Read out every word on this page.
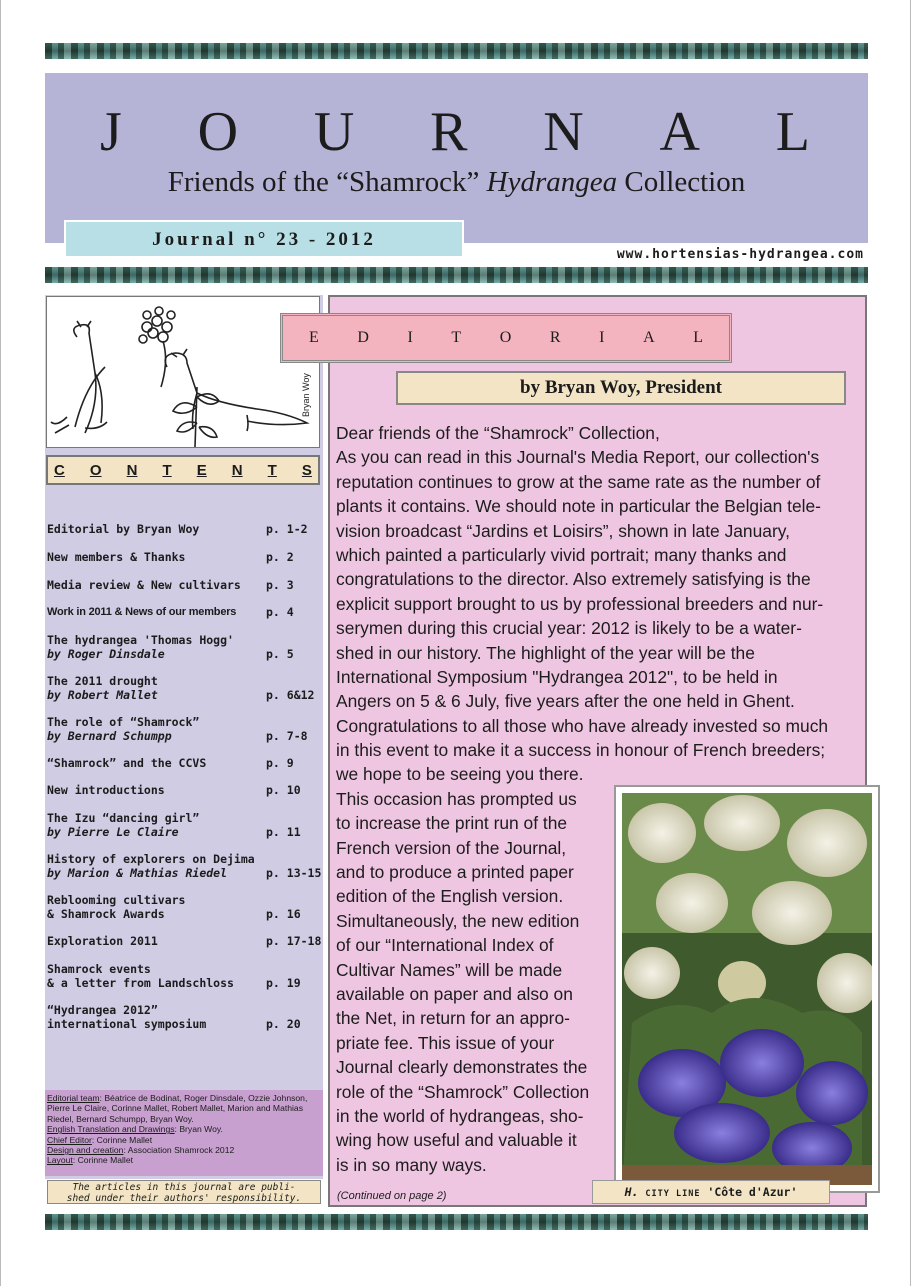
J O U R N A L
Friends of the “Shamrock” Hydrangea Collection
Journal n° 23 - 2012
www.hortensias-hydrangea.com
Bryan Woy
C O N T E N T S
Editorial by Bryan Woy	p. 1-2
New members & Thanks	p. 2
Media review & New cultivars	p. 3
Work in 2011 & News of our members	p. 4
The hydrangea 'Thomas Hogg'
by Roger Dinsdale	p. 5
The 2011 drought
by Robert Mallet	p. 6&12
The role of “Shamrock”
by Bernard Schumpp	p. 7-8
“Shamrock” and the CCVS	p. 9
New introductions	p. 10
The Izu “dancing girl”
by Pierre Le Claire	p. 11
History of explorers on Dejima
by Marion & Mathias Riedel	p. 13-15
Reblooming cultivars
& Shamrock Awards	p. 16
Exploration 2011	p. 17-18
Shamrock events
& a letter from Landschloss	p. 19
“Hydrangea 2012”
international symposium	p. 20
Editorial team: Béatrice de Bodinat, Roger Dinsdale, Ozzie Johnson, Pierre Le Claire, Corinne Mallet, Robert Mallet, Marion and Mathias Riedel, Bernard Schumpp, Bryan Woy.
English Translation and Drawings: Bryan Woy.
Chief Editor: Corinne Mallet
Design and creation: Association Shamrock 2012
Layout: Corinne Mallet
The articles in this journal are publi-
shed under their authors' responsibility.
E D I T O R I A L
by Bryan Woy, President
Dear friends of the “Shamrock” Collection,
As you can read in this Journal's Media Report, our collection's
reputation continues to grow at the same rate as the number of
plants it contains. We should note in particular the Belgian tele-
vision broadcast “Jardins et Loisirs”, shown in late January,
which painted a particularly vivid portrait; many thanks and
congratulations to the director. Also extremely satisfying is the
explicit support brought to us by professional breeders and nur-
serymen during this crucial year: 2012 is likely to be a water-
shed in our history. The highlight of the year will be the
International Symposium "Hydrangea 2012", to be held in
Angers on 5 & 6 July, five years after the one held in Ghent.
Congratulations to all those who have already invested so much
in this event to make it a success in honour of French breeders;
we hope to be seeing you there.
This occasion has prompted us
to increase the print run of the
French version of the Journal,
and to produce a printed paper
edition of the English version.
Simultaneously, the new edition
of our “International Index of
Cultivar Names” will be made
available on paper and also on
the Net, in return for an appro-
priate fee. This issue of your
Journal clearly demonstrates the
role of the “Shamrock” Collection
in the world of hydrangeas, sho-
wing how useful and valuable it
is in so many ways.
(Continued on page 2)	H. CITY LINE 'Côte d'Azur'
